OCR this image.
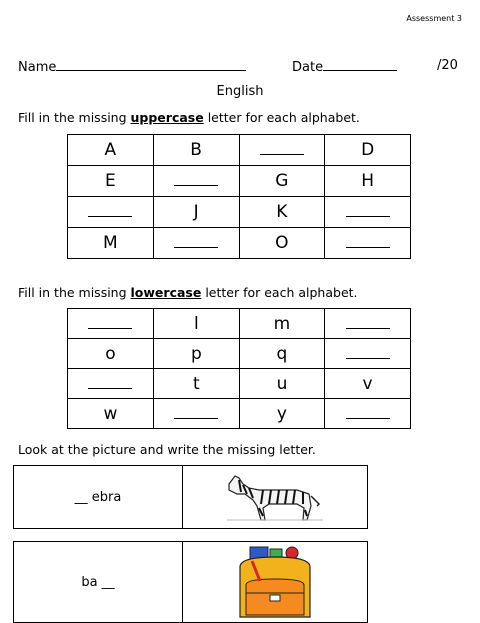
Assessment 3
Name	Date	/20
English
Fill in the missing uppercase letter for each alphabet.
A	B		D
E		G	H
	J	K	
M		O	
Fill in the missing lowercase letter for each alphabet.
	l	m	
o	p	q	
	t	u	v
w		y	
Look at the picture and write the missing letter.
__ ebra
ba __
